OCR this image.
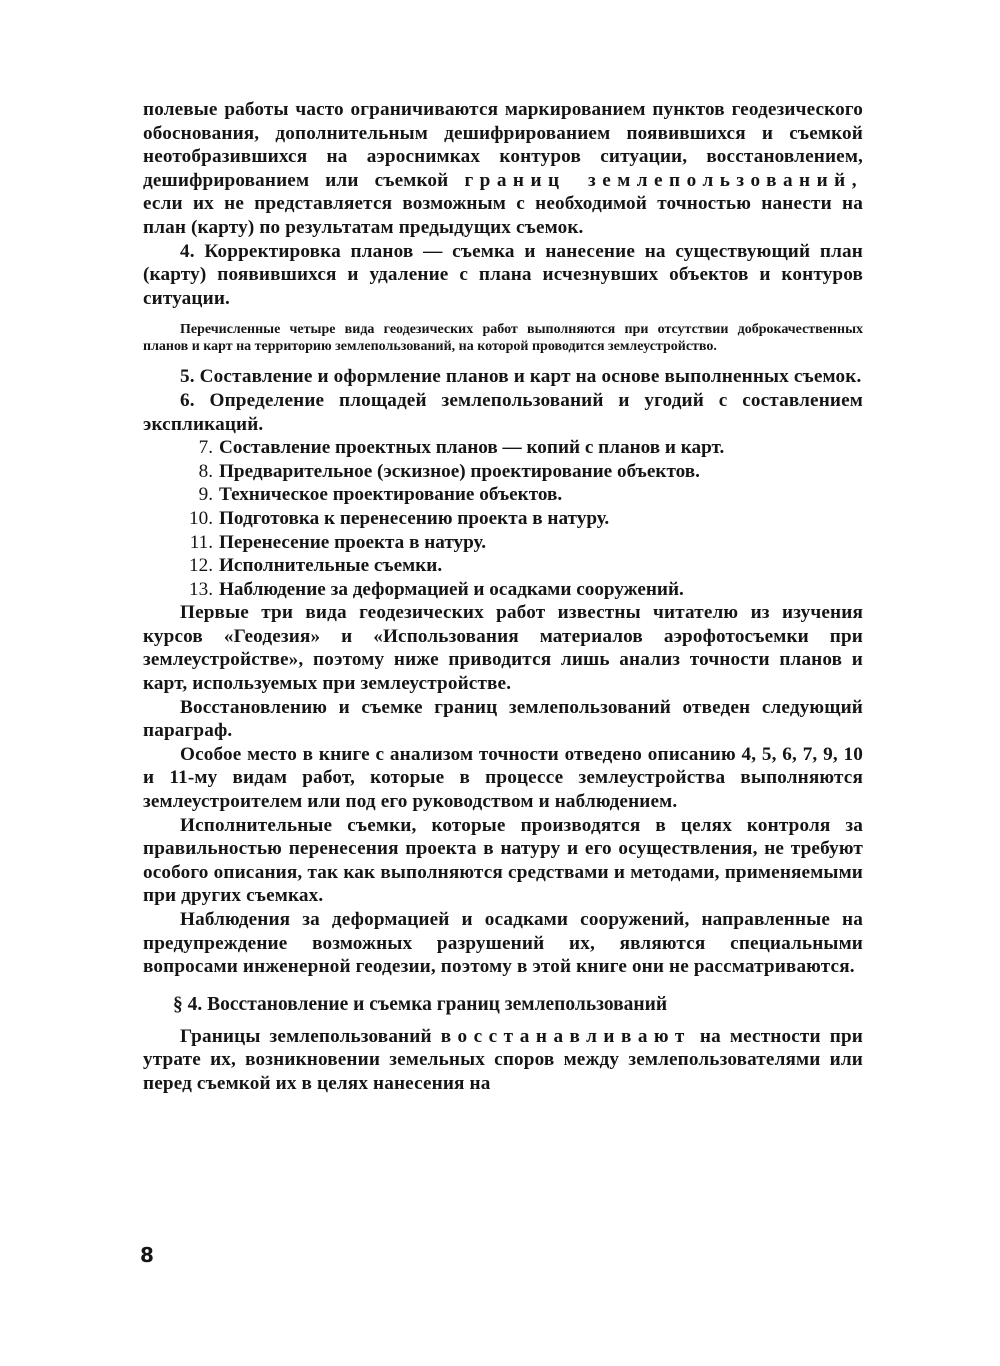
полевые работы часто ограничиваются маркированием пунктов геодезического обоснования, дополнительным дешифрированием появившихся и съемкой неотобразившихся на аэроснимках контуров ситуации, восстановлением, дешифрированием или съемкой границ землепользований, если их не представляется возможным с необходимой точностью нанести на план (карту) по результатам предыдущих съемок.

4. Корректировка планов — съемка и нанесение на существующий план (карту) появившихся и удаление с плана исчезнувших объектов и контуров ситуации.

Перечисленные четыре вида геодезических работ выполняются при отсутствии доброкачественных планов и карт на территорию землепользований, на которой проводится землеустройство.

5. Составление и оформление планов и карт на основе выполненных съемок.

6. Определение площадей землепользований и угодий с составлением экспликаций.

7. Составление проектных планов — копий с планов и карт.
8. Предварительное (эскизное) проектирование объектов.
9. Техническое проектирование объектов.
10. Подготовка к перенесению проекта в натуру.
11. Перенесение проекта в натуру.
12. Исполнительные съемки.
13. Наблюдение за деформацией и осадками сооружений.

Первые три вида геодезических работ известны читателю из изучения курсов «Геодезия» и «Использования материалов аэрофотосъемки при землеустройстве», поэтому ниже приводится лишь анализ точности планов и карт, используемых при землеустройстве.

Восстановлению и съемке границ землепользований отведен следующий параграф.

Особое место в книге с анализом точности отведено описанию 4, 5, 6, 7, 9, 10 и 11-му видам работ, которые в процессе землеустройства выполняются землеустроителем или под его руководством и наблюдением.

Исполнительные съемки, которые производятся в целях контроля за правильностью перенесения проекта в натуру и его осуществления, не требуют особого описания, так как выполняются средствами и методами, применяемыми при других съемках.

Наблюдения за деформацией и осадками сооружений, направленные на предупреждение возможных разрушений их, являются специальными вопросами инженерной геодезии, поэтому в этой книге они не рассматриваются.

§ 4. Восстановление и съемка границ землепользований

Границы землепользований восстанавливают на местности при утрате их, возникновении земельных споров между землепользователями или перед съемкой их в целях нанесения на

8
